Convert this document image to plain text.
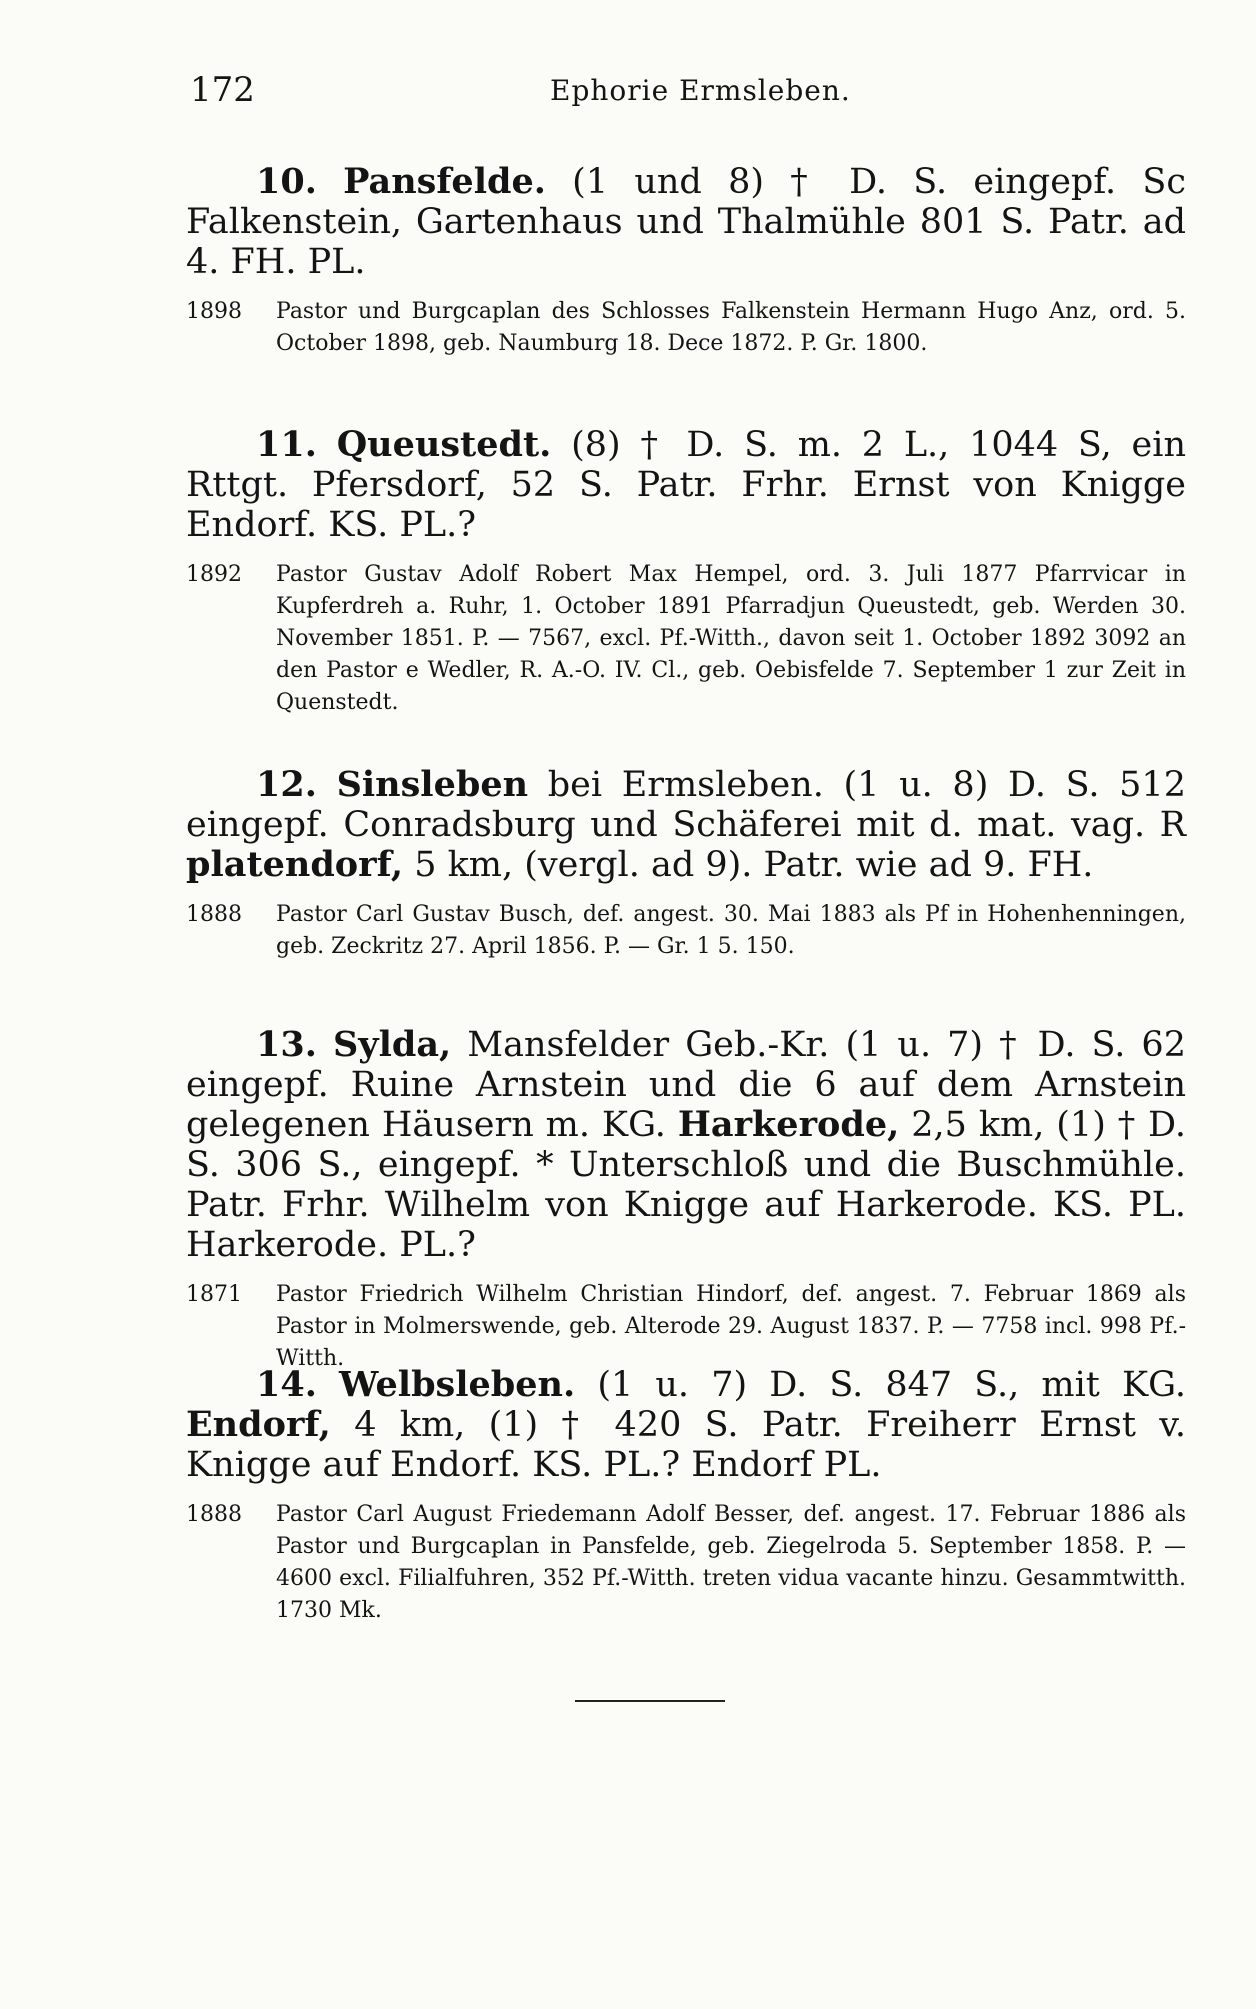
172	Ephorie Ermsleben.

10. Pansfelde. (1 und 8) † D. S. eingepf. Sc Falkenstein, Gartenhaus und Thalmühle 801 S. Patr. ad 4. FH. PL.

1898	Pastor und Burgcaplan des Schlosses Falkenstein Hermann Hugo Anz, ord. 5. October 1898, geb. Naumburg 18. Dece 1872. P. Gr. 1800.

11. Queustedt. (8) † D. S. m. 2 L., 1044 S, ein Rttgt. Pfersdorf, 52 S. Patr. Frhr. Ernst von Knigge Endorf. KS. PL.?

1892	Pastor Gustav Adolf Robert Max Hempel, ord. 3. Juli 1877 Pfarrvicar in Kupferdreh a. Ruhr, 1. October 1891 Pfarradjun Queustedt, geb. Werden 30. November 1851. P. — 7567, excl. Pf.-Witth., davon seit 1. October 1892 3092 an den Pastor e Wedler, R. A.-O. IV. Cl., geb. Oebisfelde 7. September 1 zur Zeit in Quenstedt.

12. Sinsleben bei Ermsleben. (1 u. 8) D. S. 512 eingepf. Conradsburg und Schäferei mit d. mat. vag. R platendorf, 5 km, (vergl. ad 9). Patr. wie ad 9. FH.

1888	Pastor Carl Gustav Busch, def. angest. 30. Mai 1883 als Pf in Hohenhenningen, geb. Zeckritz 27. April 1856. P. — Gr. 1 5. 150.

13. Sylda, Mansfelder Geb.-Kr. (1 u. 7) † D. S. 62 eingepf. Ruine Arnstein und die 6 auf dem Arnstein gelegenen Häusern m. KG. Harkerode, 2,5 km, (1) † D. S. 306 S., eingepf. * Unterschloß und die Buschmühle. Patr. Frhr. Wilhelm von Knigge auf Harkerode. KS. PL. Harkerode. PL.?

1871	Pastor Friedrich Wilhelm Christian Hindorf, def. angest. 7. Februar 1869 als Pastor in Molmerswende, geb. Alterode 29. August 1837. P. — 7758 incl. 998 Pf.-Witth.

14. Welbsleben. (1 u. 7) D. S. 847 S., mit KG. Endorf, 4 km, (1) † 420 S. Patr. Freiherr Ernst v. Knigge auf Endorf. KS. PL.? Endorf PL.

1888	Pastor Carl August Friedemann Adolf Besser, def. angest. 17. Februar 1886 als Pastor und Burgcaplan in Pansfelde, geb. Ziegelroda 5. September 1858. P. — 4600 excl. Filialfuhren, 352 Pf.-Witth. treten vidua vacante hinzu. Gesammtwitth. 1730 Mk.
